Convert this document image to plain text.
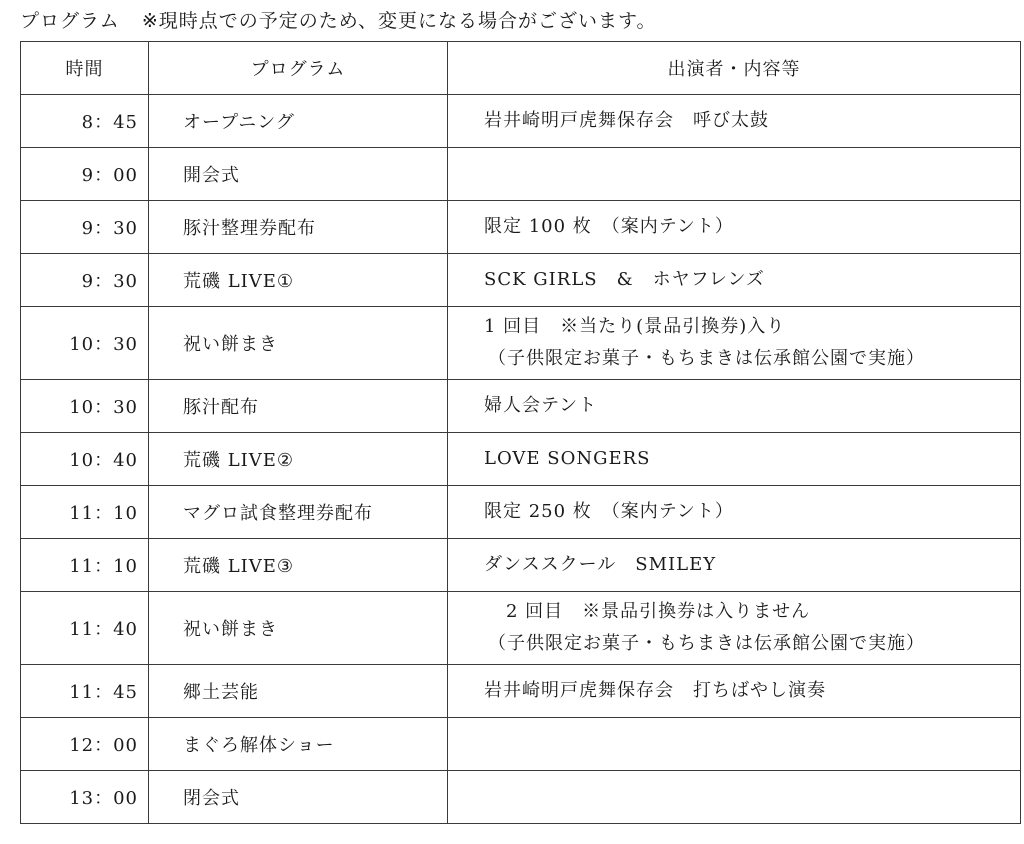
プログラム ※現時点での予定のため、変更になる場合がございます。
時間	プログラム	出演者・内容等
8：45	オープニング	岩井崎明戸虎舞保存会　呼び太鼓

9：00	開会式	

9：30	豚汁整理券配布	限定 100 枚　（案内テント）

9：30	荒磯 LIVE①	SCK GIRLS　&　ホヤフレンズ

10：30	祝い餅まき	1 回目　※当たり(景品引換券)入り
（子供限定お菓子・もちまきは伝承館公園で実施）

10：30	豚汁配布	婦人会テント

10：40	荒磯 LIVE②	LOVE SONGERS

11：10	マグロ試食整理券配布	限定 250 枚　（案内テント）

11：10	荒磯 LIVE③	ダンススクール　SMILEY

11：40	祝い餅まき	2 回目　※景品引換券は入りません
（子供限定お菓子・もちまきは伝承館公園で実施）

11：45	郷土芸能	岩井崎明戸虎舞保存会　打ちばやし演奏

12：00	まぐろ解体ショー	

13：00	閉会式	
